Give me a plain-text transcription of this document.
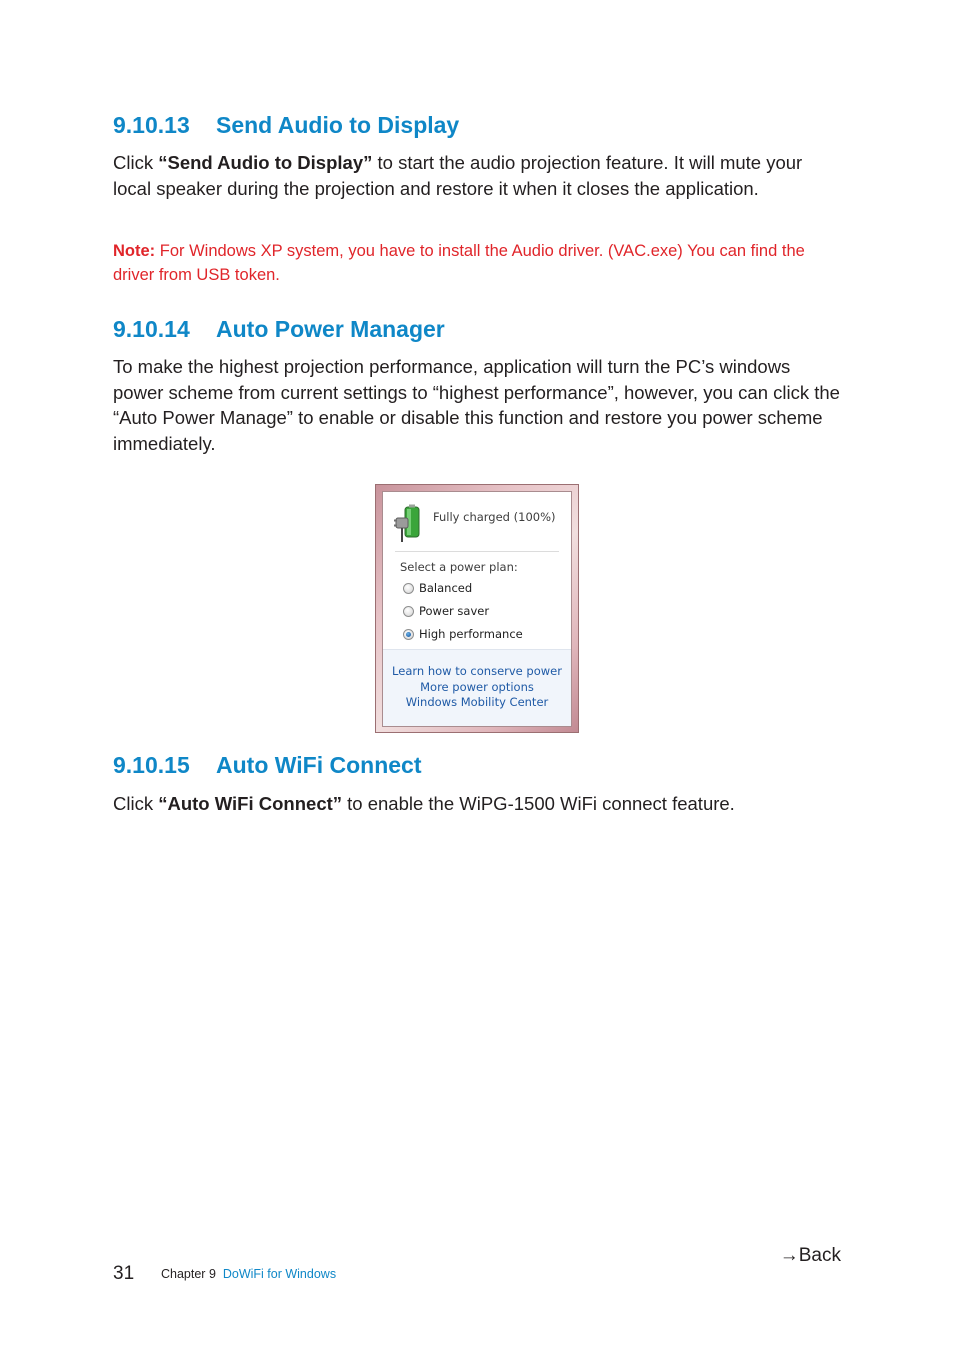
9.10.13 Send Audio to Display

Click “Send Audio to Display” to start the audio projection feature. It will mute your local speaker during the projection and restore it when it closes the application.

Note: For Windows XP system, you have to install the Audio driver. (VAC.exe) You can find the driver from USB token.

9.10.14 Auto Power Manager

To make the highest projection performance, application will turn the PC’s windows power scheme from current settings to “highest performance”, however, you can click the “Auto Power Manage” to enable or disable this function and restore you power scheme immediately.

Fully charged (100%)
Select a power plan:
Balanced
Power saver
High performance
Learn how to conserve power
More power options
Windows Mobility Center
9.10.15 Auto WiFi Connect

Click “Auto WiFi Connect” to enable the WiPG-1500 WiFi connect feature.

→Back
31 Chapter 9 DoWiFi for Windows
